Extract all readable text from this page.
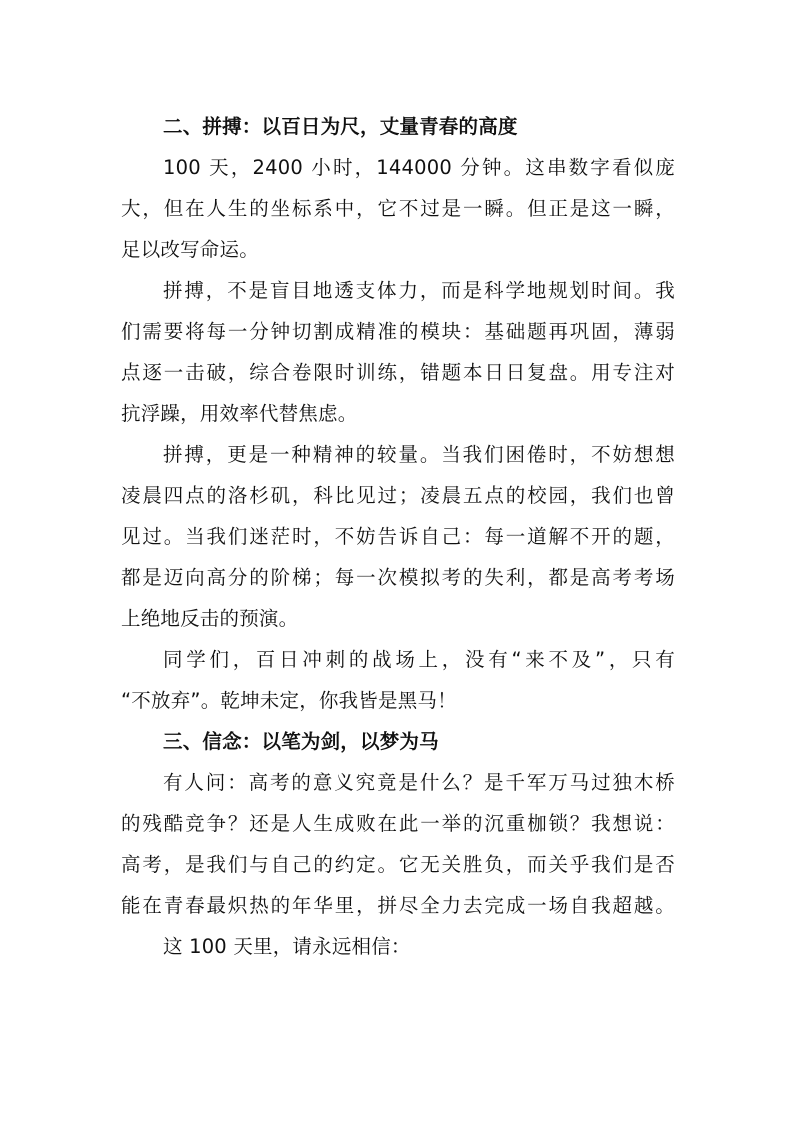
二、拼搏：以百日为尺，丈量青春的高度
100 天，2400 小时，144000 分钟。这串数字看似庞
大，但在人生的坐标系中，它不过是一瞬。但正是这一瞬，
足以改写命运。
拼搏，不是盲目地透支体力，而是科学地规划时间。我
们需要将每一分钟切割成精准的模块：基础题再巩固，薄弱
点逐一击破，综合卷限时训练，错题本日日复盘。用专注对
抗浮躁，用效率代替焦虑。
拼搏，更是一种精神的较量。当我们困倦时，不妨想想
凌晨四点的洛杉矶，科比见过；凌晨五点的校园，我们也曾
见过。当我们迷茫时，不妨告诉自己：每一道解不开的题，
都是迈向高分的阶梯；每一次模拟考的失利，都是高考考场
上绝地反击的预演。
同学们，百日冲刺的战场上，没有“来不及”，只有
“不放弃”。乾坤未定，你我皆是黑马！
三、信念：以笔为剑，以梦为马
有人问：高考的意义究竟是什么？是千军万马过独木桥
的残酷竞争？还是人生成败在此一举的沉重枷锁？我想说：
高考，是我们与自己的约定。它无关胜负，而关乎我们是否
能在青春最炽热的年华里，拼尽全力去完成一场自我超越。
这 100 天里，请永远相信：
